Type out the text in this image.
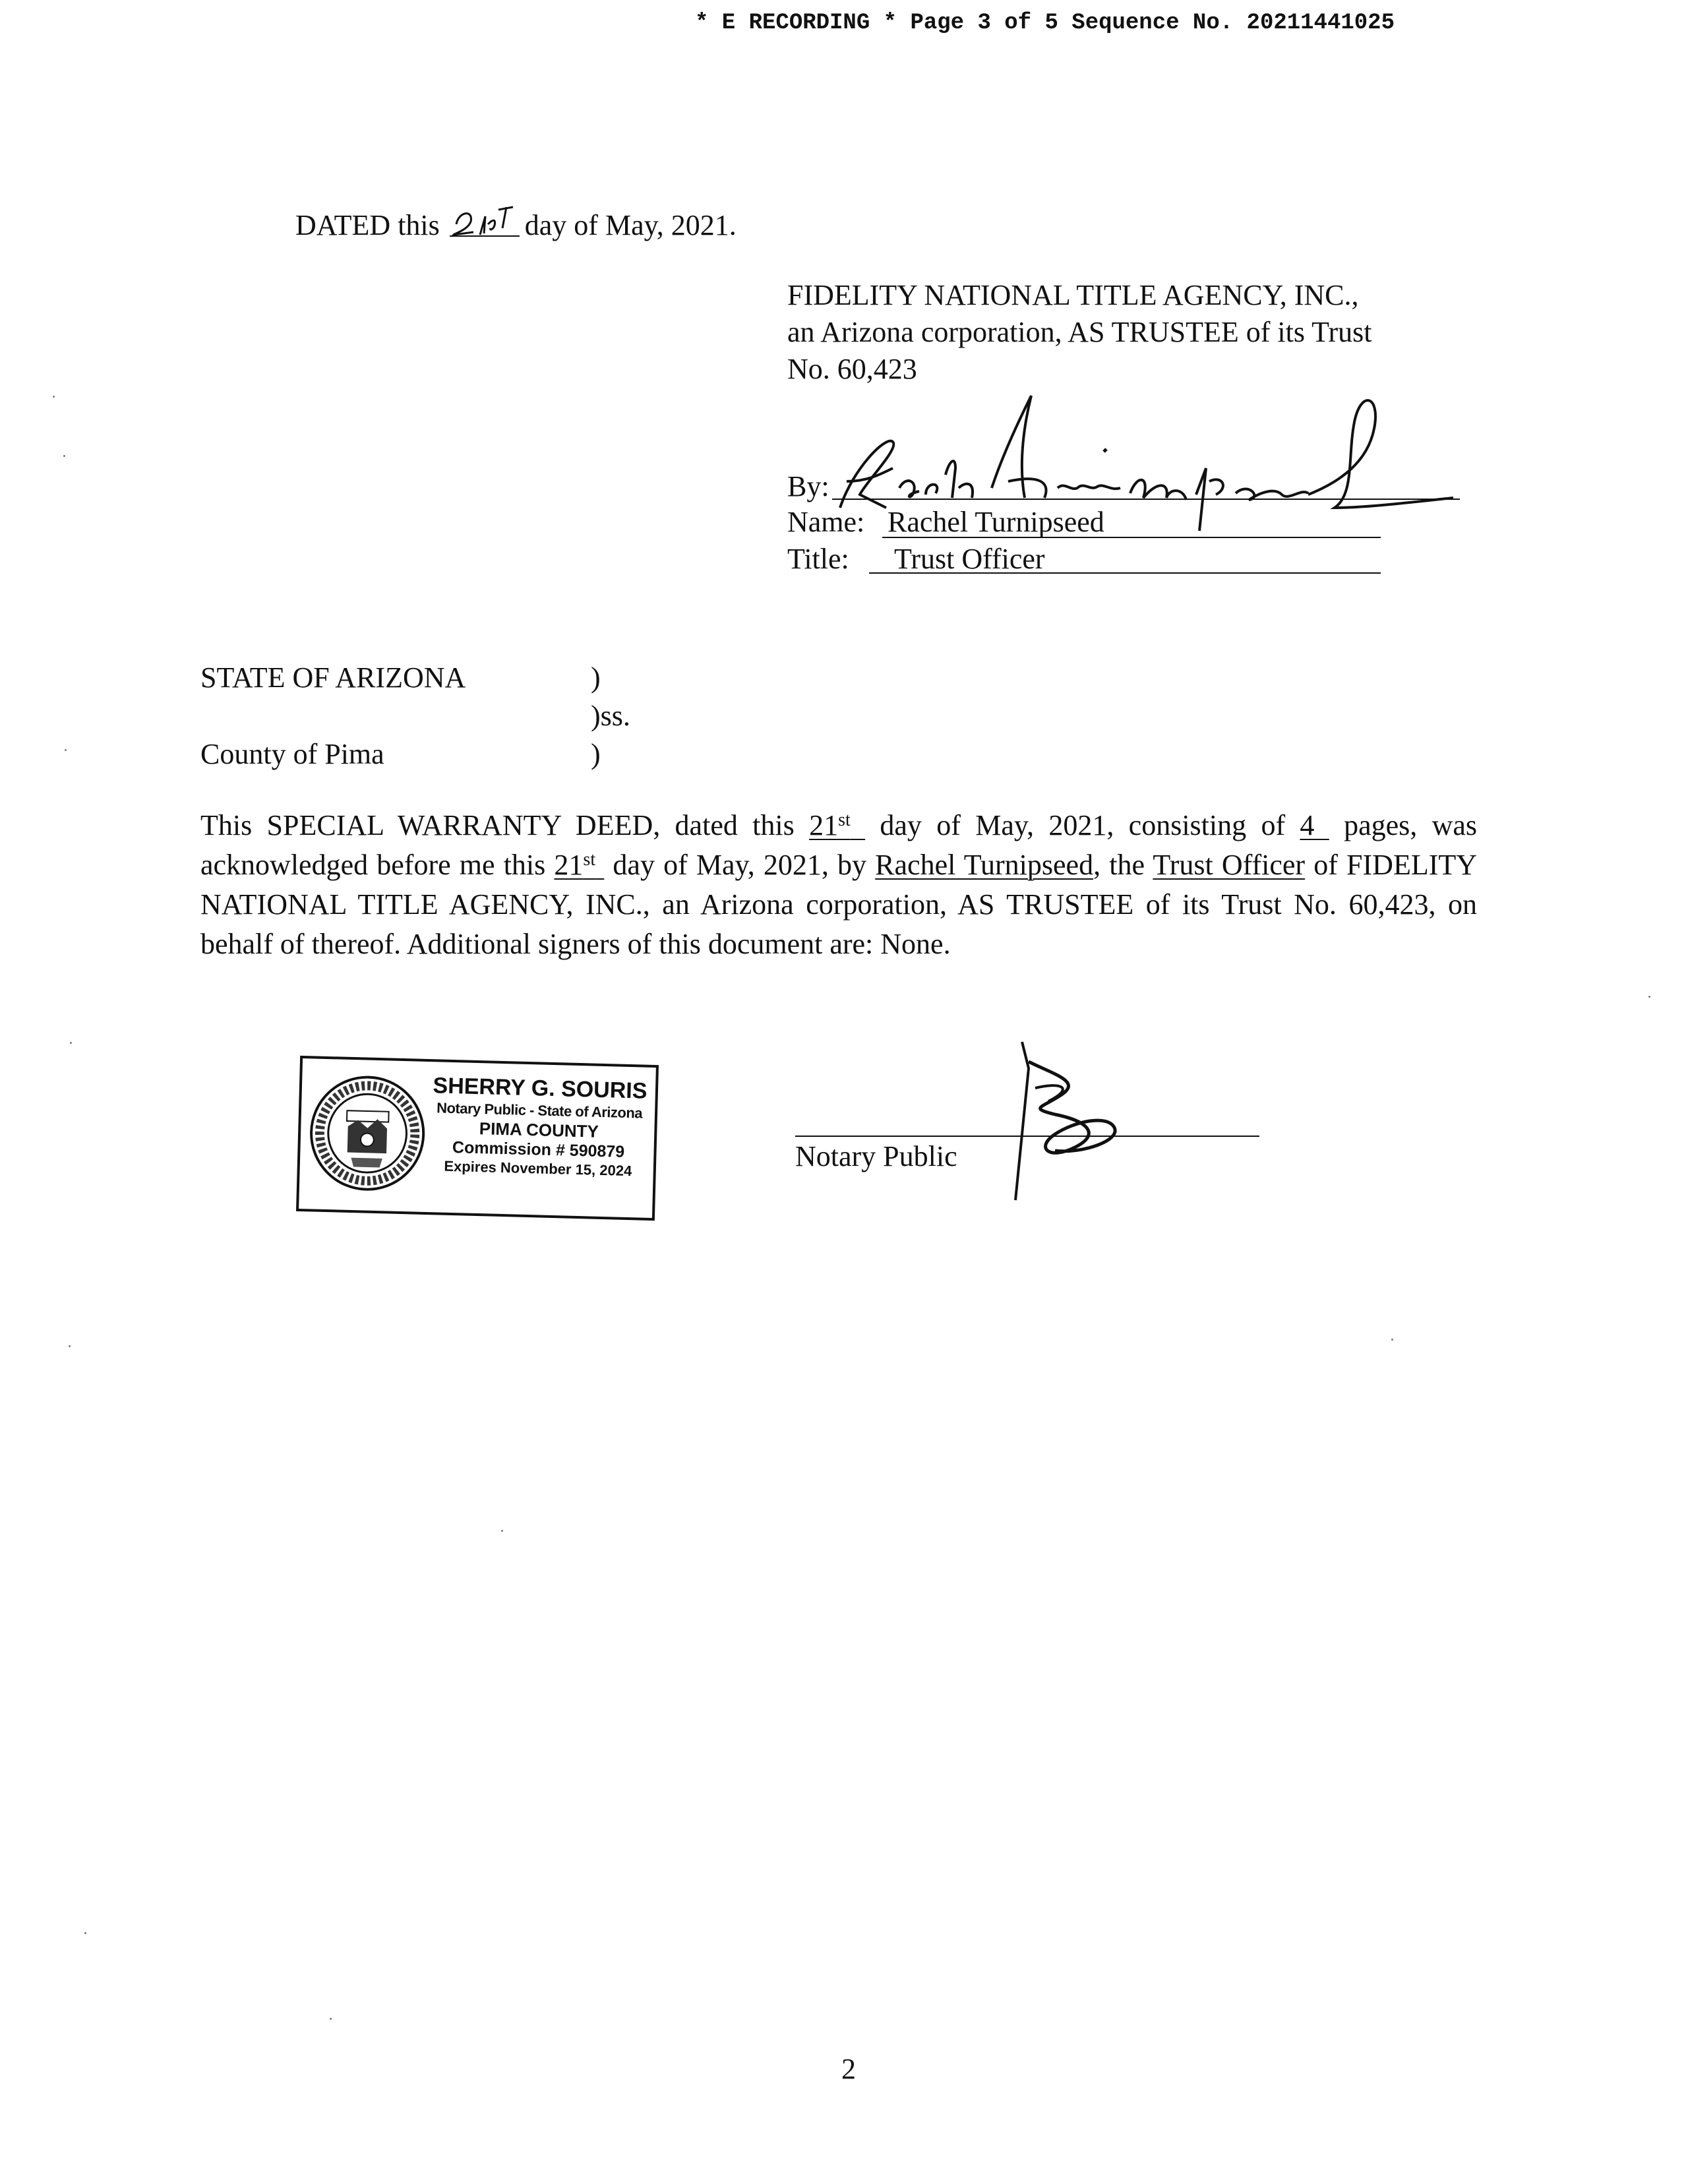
* E RECORDING * Page 3 of 5 Sequence No. 20211441025
DATED this	day of May, 2021.
FIDELITY NATIONAL TITLE AGENCY, INC.,
an Arizona corporation, AS TRUSTEE of its Trust
No. 60,423
By:
Name: Rachel Turnipseed
Title: Trust Officer
STATE OF ARIZONA	)
)ss.
County of Pima	)
This SPECIAL WARRANTY DEED, dated this 21st  day of May, 2021, consisting of 4  pages, was acknowledged before me this 21st  day of May, 2021, by Rachel Turnipseed, the Trust Officer of FIDELITY NATIONAL TITLE AGENCY, INC., an Arizona corporation, AS TRUSTEE of its Trust No. 60,423, on behalf of thereof. Additional signers of this document are: None.
SHERRY G. SOURIS
Notary Public - State of Arizona
PIMA COUNTY
Commission # 590879
Expires November 15, 2024	Notary Public
2
